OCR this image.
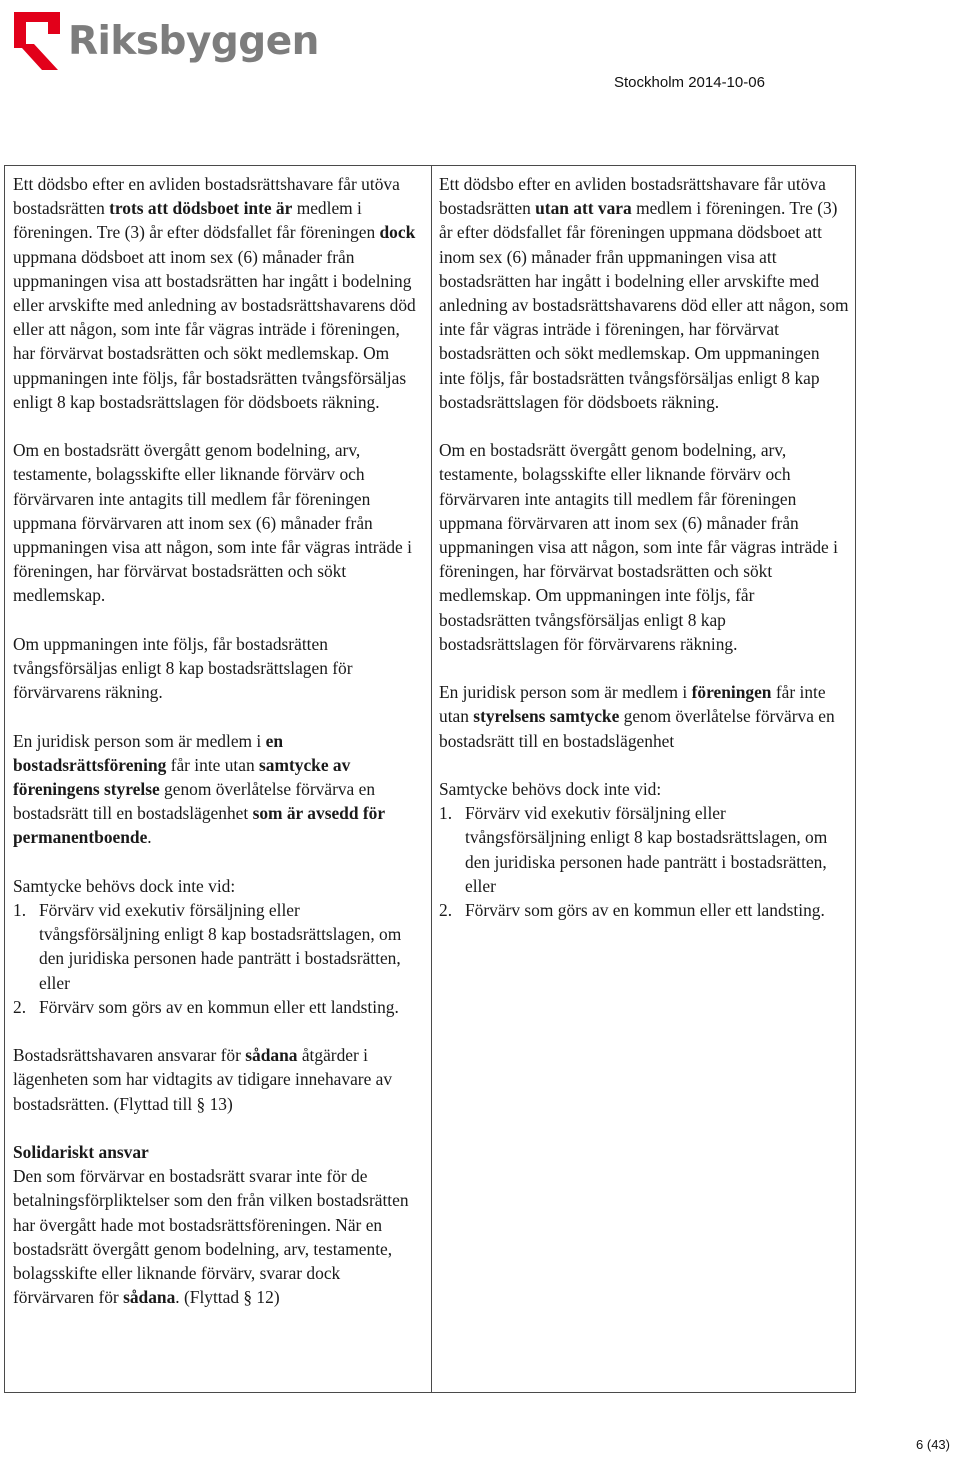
Riksbyggen
Stockholm 2014-10-06

Ett dödsbo efter en avliden bostadsrättshavare får utöva bostadsrätten trots att dödsboet inte är medlem i föreningen. Tre (3) år efter dödsfallet får föreningen dock uppmana dödsboet att inom sex (6) månader från uppmaningen visa att bostadsrätten har ingått i bodelning eller arvskifte med anledning av bostadsrättshavarens död eller att någon, som inte får vägras inträde i föreningen, har förvärvat bostadsrätten och sökt medlemskap. Om uppmaningen inte följs, får bostadsrätten tvångsförsäljas enligt 8 kap bostadsrättslagen för dödsboets räkning.

Om en bostadsrätt övergått genom bodelning, arv, testamente, bolagsskifte eller liknande förvärv och förvärvaren inte antagits till medlem får föreningen uppmana förvärvaren att inom sex (6) månader från uppmaningen visa att någon, som inte får vägras inträde i föreningen, har förvärvat bostadsrätten och sökt medlemskap.

Om uppmaningen inte följs, får bostadsrätten tvångsförsäljas enligt 8 kap bostadsrättslagen för förvärvarens räkning.

En juridisk person som är medlem i en bostadsrättsförening får inte utan samtycke av föreningens styrelse genom överlåtelse förvärva en bostadsrätt till en bostadslägenhet som är avsedd för permanentboende.

Samtycke behövs dock inte vid:
1. Förvärv vid exekutiv försäljning eller tvångsförsäljning enligt 8 kap bostadsrättslagen, om den juridiska personen hade panträtt i bostadsrätten, eller
2. Förvärv som görs av en kommun eller ett landsting.

Bostadsrättshavaren ansvarar för sådana åtgärder i lägenheten som har vidtagits av tidigare innehavare av bostadsrätten. (Flyttad till § 13)

Solidariskt ansvar
Den som förvärvar en bostadsrätt svarar inte för de betalningsförpliktelser som den från vilken bostadsrätten har övergått hade mot bostadsrättsföreningen. När en bostadsrätt övergått genom bodelning, arv, testamente, bolagsskifte eller liknande förvärv, svarar dock förvärvaren för sådana. (Flyttad § 12)

Ett dödsbo efter en avliden bostadsrättshavare får utöva bostadsrätten utan att vara medlem i föreningen. Tre (3) år efter dödsfallet får föreningen uppmana dödsboet att inom sex (6) månader från uppmaningen visa att bostadsrätten har ingått i bodelning eller arvskifte med anledning av bostadsrättshavarens död eller att någon, som inte får vägras inträde i föreningen, har förvärvat bostadsrätten och sökt medlemskap. Om uppmaningen inte följs, får bostadsrätten tvångsförsäljas enligt 8 kap bostadsrättslagen för dödsboets räkning.

Om en bostadsrätt övergått genom bodelning, arv, testamente, bolagsskifte eller liknande förvärv och förvärvaren inte antagits till medlem får föreningen uppmana förvärvaren att inom sex (6) månader från uppmaningen visa att någon, som inte får vägras inträde i föreningen, har förvärvat bostadsrätten och sökt medlemskap. Om uppmaningen inte följs, får bostadsrätten tvångsförsäljas enligt 8 kap bostadsrättslagen för förvärvarens räkning.

En juridisk person som är medlem i föreningen får inte utan styrelsens samtycke genom överlåtelse förvärva en bostadsrätt till en bostadslägenhet

Samtycke behövs dock inte vid:
1. Förvärv vid exekutiv försäljning eller tvångsförsäljning enligt 8 kap bostadsrättslagen, om den juridiska personen hade panträtt i bostadsrätten, eller
2. Förvärv som görs av en kommun eller ett landsting.
6 (43)
